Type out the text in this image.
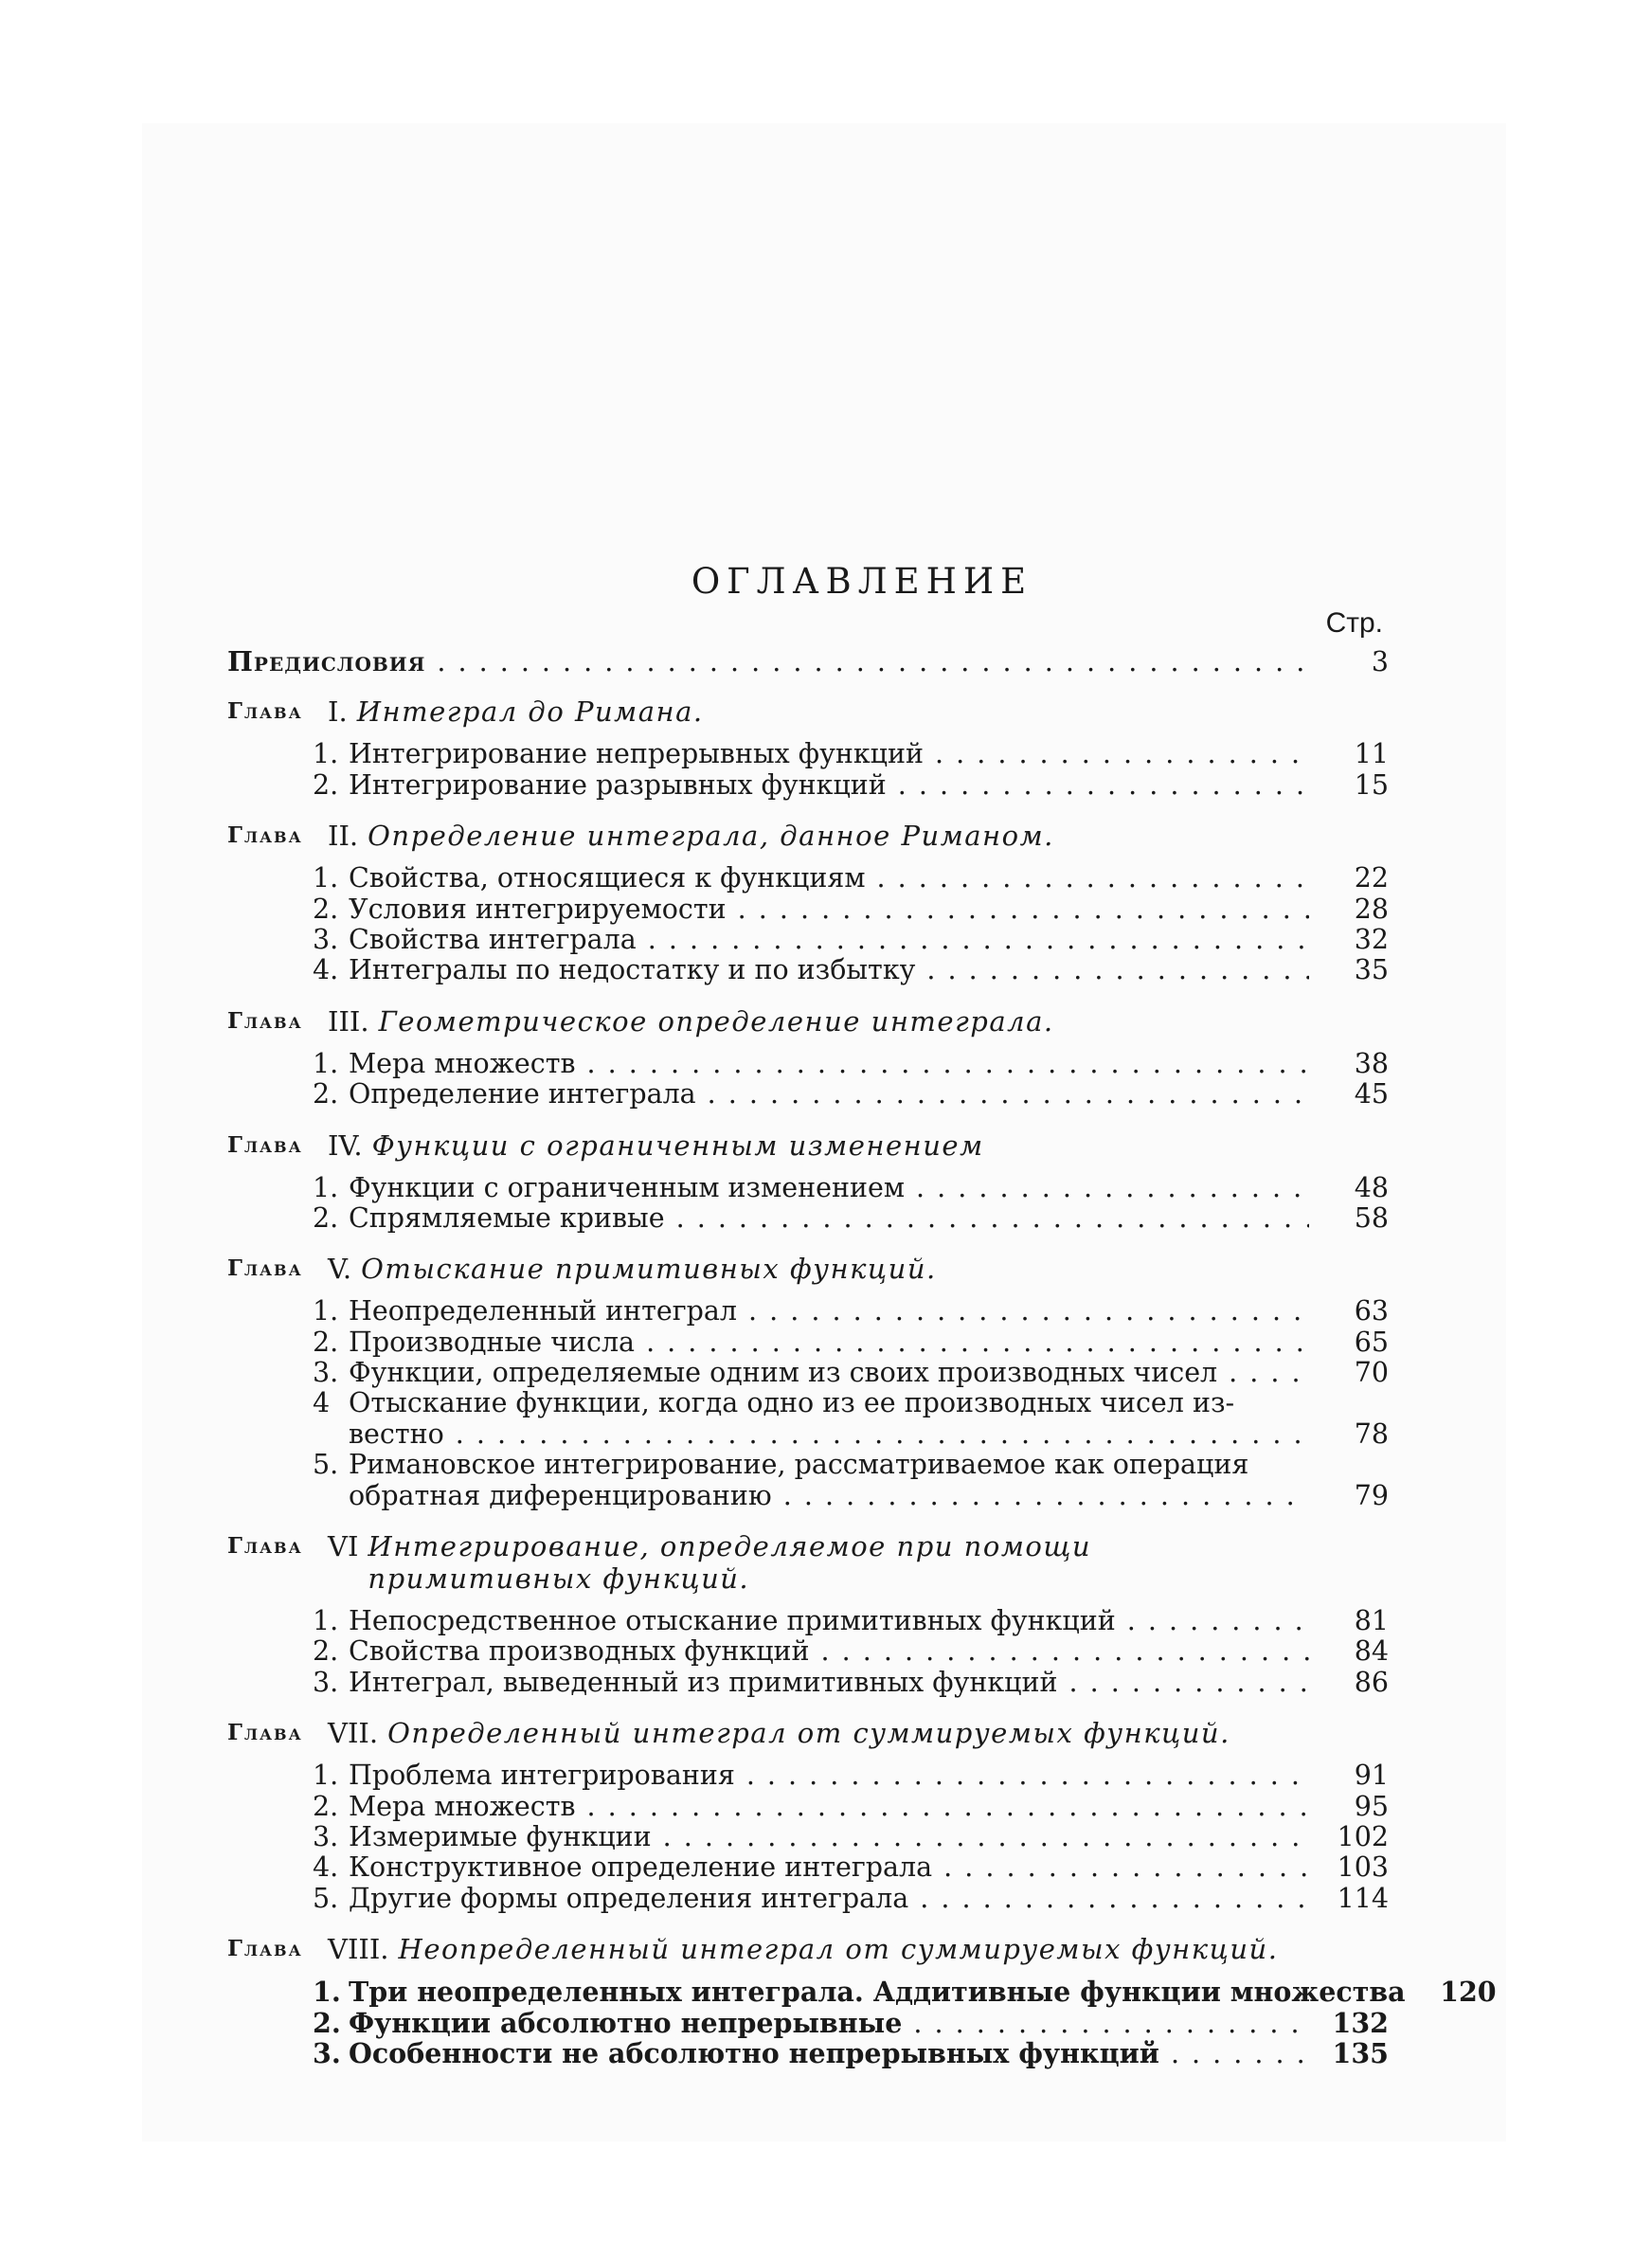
ОГЛАВЛЕНИЕ
Стр.
Предисловия . . .	3
Глава I. Интеграл до Римана.
1. Интегрирование непрерывных функций . . .	11
2. Интегрирование разрывных функций . . .	15
Глава II. Определение интеграла, данное Риманом.
1. Свойства, относящиеся к функциям . . .	22
2. Условия интегрируемости . . .	28
3. Свойства интеграла . . .	32
4. Интегралы по недостатку и по избытку . . .	35
Глава III. Геометрическое определение интеграла.
1. Мера множеств . . .	38
2. Определение интеграла . . .	45
Глава IV. Функции с ограниченным изменением
1. Функции с ограниченным изменением . . .	48
2. Спрямляемые кривые . . .	58
Глава V. Отыскание примитивных функций.
1. Неопределенный интеграл . . .	63
2. Производные числа . . .	65
3. Функции, определяемые одним из своих производных чисел . . .	70
4 Отыскание функции, когда одно из ее производных чисел из-
вестно . . .	78
5. Римановское интегрирование, рассматриваемое как операция
обратная диференцированию . . .	79
Глава VI Интегрирование, определяемое при помощи примитивных функций.
1. Непосредственное отыскание примитивных функций . . .	81
2. Свойства производных функций . . .	84
3. Интеграл, выведенный из примитивных функций . . .	86
Глава VII. Определенный интеграл от суммируемых функций.
1. Проблема интегрирования . . .	91
2. Мера множеств . . .	95
3. Измеримые функции . . .	102
4. Конструктивное определение интеграла . . .	103
5. Другие формы определения интеграла . . .	114
Глава VIII. Неопределенный интеграл от суммируемых функций.
1. Три неопределенных интеграла. Аддитивные функции множества	120
2. Функции абсолютно непрерывные . . .	132
3. Особенности не абсолютно непрерывных функций . . .	135
